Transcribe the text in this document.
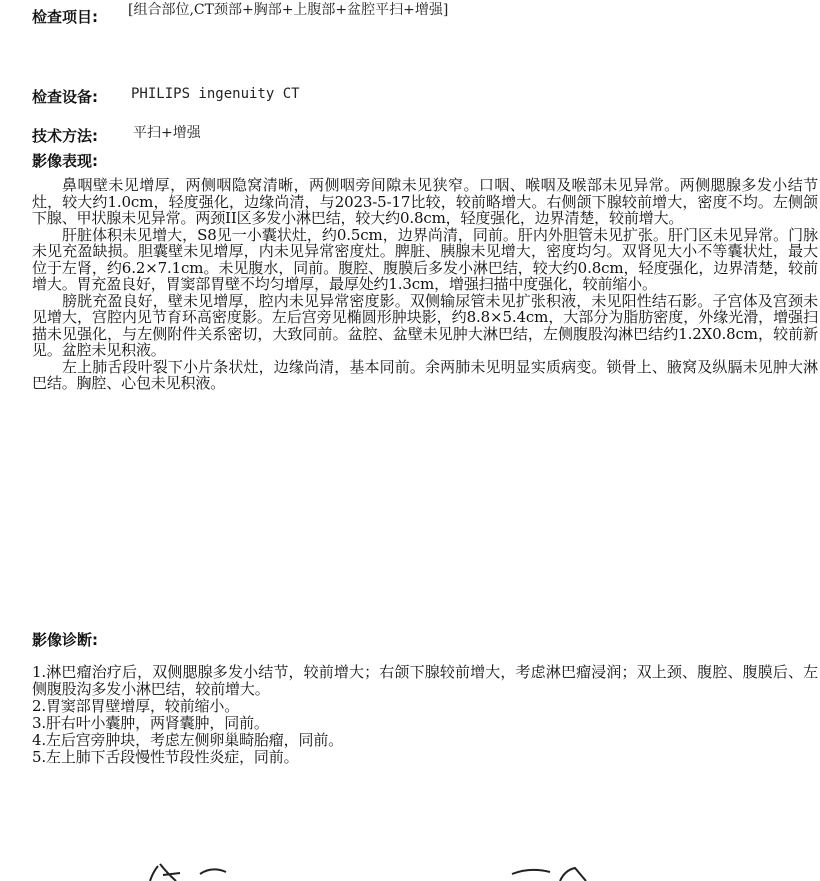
检查项目: [组合部位,CT颈部+胸部+上腹部+盆腔平扫+增强]
检查设备: PHILIPS ingenuity CT
技术方法:	平扫+增强
影像表现:

鼻咽壁未见增厚，两侧咽隐窝清晰，两侧咽旁间隙未见狭窄。口咽、喉咽及喉部未见异常。两侧腮腺多发小结节灶，较大约1.0cm，轻度强化，边缘尚清，与2023-5-17比较，较前略增大。右侧颌下腺较前增大，密度不均。左侧颌下腺、甲状腺未见异常。两颈II区多发小淋巴结，较大约0.8cm，轻度强化，边界清楚，较前增大。

肝脏体积未见增大，S8见一小囊状灶，约0.5cm，边界尚清，同前。肝内外胆管未见扩张。肝门区未见异常。门脉未见充盈缺损。胆囊壁未见增厚，内未见异常密度灶。脾脏、胰腺未见增大，密度均匀。双肾见大小不等囊状灶，最大位于左肾，约6.2×7.1cm。未见腹水，同前。腹腔、腹膜后多发小淋巴结，较大约0.8cm，轻度强化，边界清楚，较前增大。胃充盈良好，胃窦部胃壁不均匀增厚，最厚处约1.3cm，增强扫描中度强化，较前缩小。

膀胱充盈良好，壁未见增厚，腔内未见异常密度影。双侧输尿管未见扩张积液，未见阳性结石影。子宫体及宫颈未见增大，宫腔内见节育环高密度影。左后宫旁见椭圆形肿块影，约8.8×5.4cm，大部分为脂肪密度，外缘光滑，增强扫描未见强化，与左侧附件关系密切，大致同前。盆腔、盆壁未见肿大淋巴结，左侧腹股沟淋巴结约1.2X0.8cm，较前新见。盆腔未见积液。

左上肺舌段叶裂下小片条状灶，边缘尚清，基本同前。余两肺未见明显实质病变。锁骨上、腋窝及纵膈未见肿大淋巴结。胸腔、心包未见积液。

影像诊断:
1.淋巴瘤治疗后，双侧腮腺多发小结节，较前增大；右颌下腺较前增大，考虑淋巴瘤浸润；双上颈、腹腔、腹膜后、左侧腹股沟多发小淋巴结，较前增大。
2.胃窦部胃壁增厚，较前缩小。
3.肝右叶小囊肿，两肾囊肿，同前。
4.左后宫旁肿块，考虑左侧卵巢畸胎瘤，同前。
5.左上肺下舌段慢性节段性炎症，同前。
